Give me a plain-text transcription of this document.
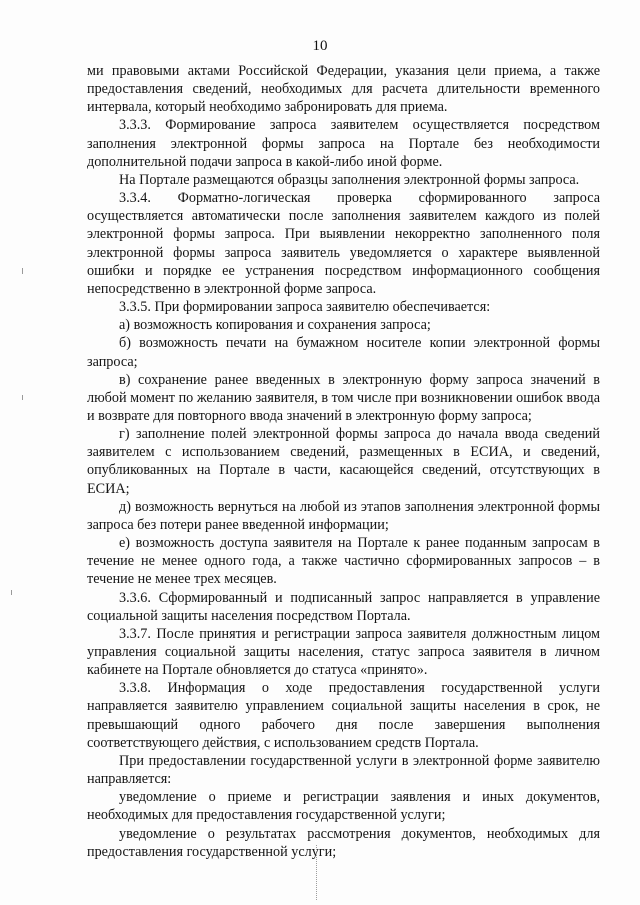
10

ми правовыми актами Российской Федерации, указания цели приема, а также предоставления сведений, необходимых для расчета длительности временного интервала, который необходимо забронировать для приема.

3.3.3. Формирование запроса заявителем осуществляется посредством заполнения электронной формы запроса на Портале без необходимости дополнительной подачи запроса в какой-либо иной форме.

На Портале размещаются образцы заполнения электронной формы запроса.

3.3.4. Форматно-логическая проверка сформированного запроса осуществляется автоматически после заполнения заявителем каждого из полей электронной формы запроса. При выявлении некорректно заполненного поля электронной формы запроса заявитель уведомляется о характере выявленной ошибки и порядке ее устранения посредством информационного сообщения непосредственно в электронной форме запроса.

3.3.5. При формировании запроса заявителю обеспечивается:

а) возможность копирования и сохранения запроса;

б) возможность печати на бумажном носителе копии электронной формы запроса;

в) сохранение ранее введенных в электронную форму запроса значений в любой момент по желанию заявителя, в том числе при возникновении ошибок ввода и возврате для повторного ввода значений в электронную форму запроса;

г) заполнение полей электронной формы запроса до начала ввода сведений заявителем с использованием сведений, размещенных в ЕСИА, и сведений, опубликованных на Портале в части, касающейся сведений, отсутствующих в ЕСИА;

д) возможность вернуться на любой из этапов заполнения электронной формы запроса без потери ранее введенной информации;

е) возможность доступа заявителя на Портале к ранее поданным запросам в течение не менее одного года, а также частично сформированных запросов – в течение не менее трех месяцев.

3.3.6. Сформированный и подписанный запрос направляется в управление социальной защиты населения посредством Портала.

3.3.7. После принятия и регистрации запроса заявителя должностным лицом управления социальной защиты населения, статус запроса заявителя в личном кабинете на Портале обновляется до статуса «принято».

3.3.8. Информация о ходе предоставления государственной услуги направляется заявителю управлением социальной защиты населения в срок, не превышающий одного рабочего дня после завершения выполнения соответствующего действия, с использованием средств Портала.

При предоставлении государственной услуги в электронной форме заявителю направляется:

уведомление о приеме и регистрации заявления и иных документов, необходимых для предоставления государственной услуги;

уведомление о результатах рассмотрения документов, необходимых для предоставления государственной услуги;
